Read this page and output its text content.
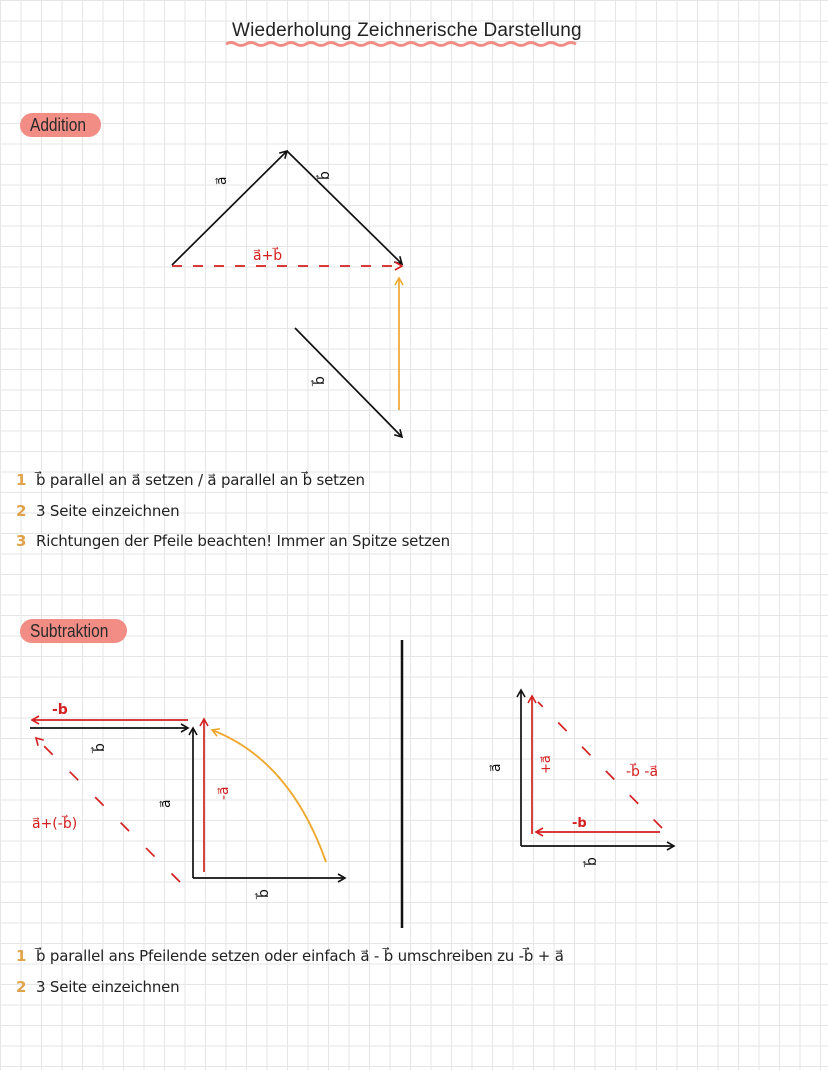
Wiederholung Zeichnerische Darstellung
a⃗
b⃗
a⃗+b⃗
b⃗
-b
b⃗
a⃗+(-b⃗)
a⃗
-a⃗
b⃗
a⃗	+a⃗	-b⃗ -a⃗
-b
b⃗
Addition
Subtraktion
1 b⃗ parallel an a⃗ setzen / a⃗ parallel an b⃗ setzen
2 3 Seite einzeichnen
3 Richtungen der Pfeile beachten! Immer an Spitze setzen
1 b⃗ parallel ans Pfeilende setzen oder einfach a⃗ - b⃗ umschreiben zu -b⃗ + a⃗
2 3 Seite einzeichnen
